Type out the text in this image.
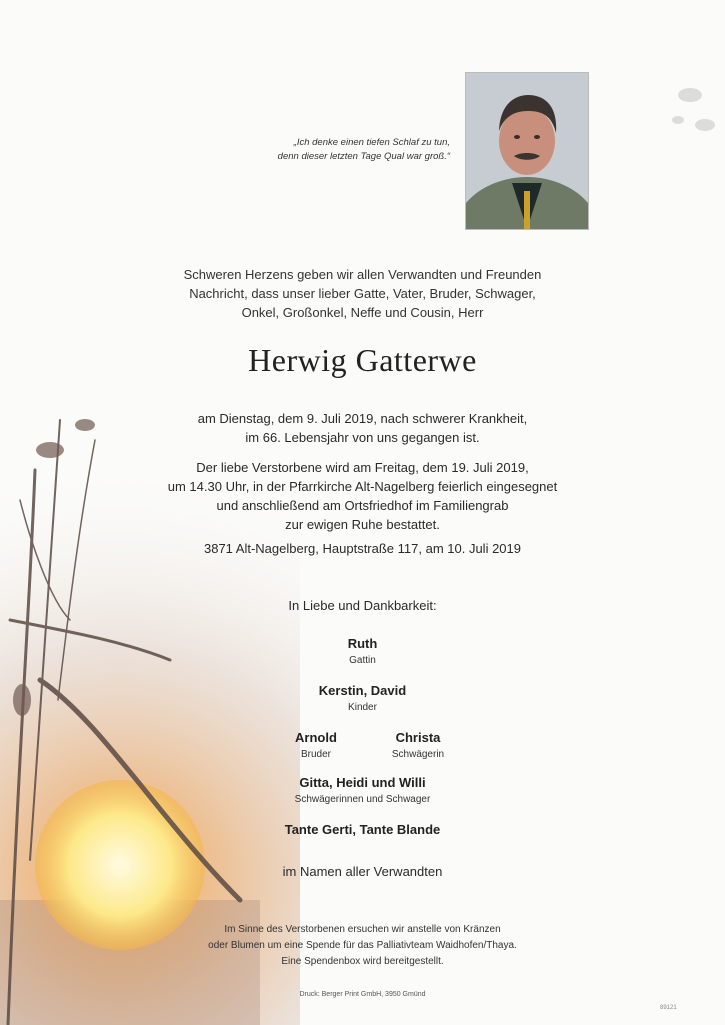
„Ich denke einen tiefen Schlaf zu tun,
denn dieser letzten Tage Qual war groß.“
Schweren Herzens geben wir allen Verwandten und Freunden
Nachricht, dass unser lieber Gatte, Vater, Bruder, Schwager,
Onkel, Großonkel, Neffe und Cousin, Herr
Herwig Gatterwe
am Dienstag, dem 9. Juli 2019, nach schwerer Krankheit,
im 66. Lebensjahr von uns gegangen ist.
Der liebe Verstorbene wird am Freitag, dem 19. Juli 2019,
um 14.30 Uhr, in der Pfarrkirche Alt-Nagelberg feierlich eingesegnet
und anschließend am Ortsfriedhof im Familiengrab
zur ewigen Ruhe bestattet.
3871 Alt-Nagelberg, Hauptstraße 117, am 10. Juli 2019
In Liebe und Dankbarkeit:
Ruth
Gattin
Kerstin, David
Kinder
Arnold
Bruder
Christa
Schwägerin
Gitta, Heidi und Willi
Schwägerinnen und Schwager
Tante Gerti, Tante Blande
im Namen aller Verwandten
Im Sinne des Verstorbenen ersuchen wir anstelle von Kränzen
oder Blumen um eine Spende für das Palliativteam Waidhofen/Thaya.
Eine Spendenbox wird bereitgestellt.
Druck: Berger Print GmbH, 3950 Gmünd
89121
